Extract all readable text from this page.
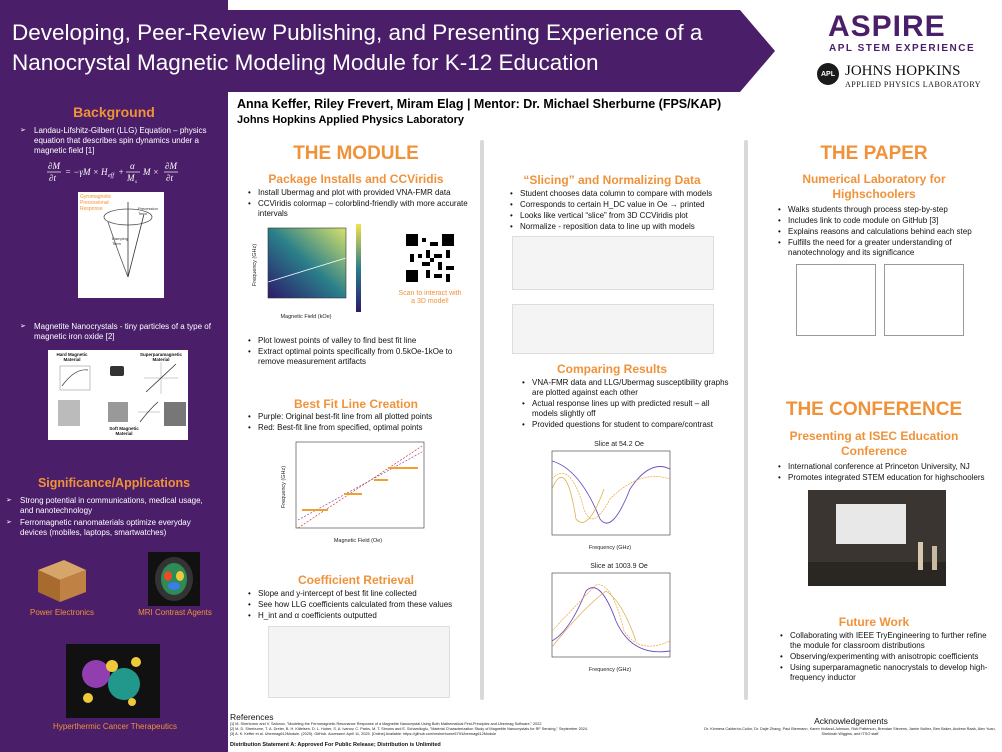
Developing, Peer-Review Publishing, and Presenting Experience of a
Nanocrystal Magnetic Modeling Module for K-12 Education
ASPIRE
APL STEM EXPERIENCE
APL JOHNS HOPKINS
APPLIED PHYSICS LABORATORY
Background
➢ Landau-Lifshitz-Gilbert (LLG) Equation – physics equation that describes spin dynamics under a magnetic field [1]
∂M
∂t
= −γM × H eff +
α
M s
M ×
∂M
∂t
Gyromagnetic Precessional Response	Precession Term
Damping Term
➢ Magnetite Nanocrystals - tiny particles of a type of magnetic iron oxide [2]
Hard Magnetic Material
Superparamagnetic Material
Soft Magnetic Material
Significance/Applications
➢ Strong potential in communications, medical usage, and nanotechnology
➢ Ferromagnetic nanomaterials optimize everyday devices (mobiles, laptops, smartwatches)
Power Electronics	MRI Contrast Agents
Hyperthermic Cancer Therapeutics
Anna Keffer, Riley Frevert, Miram Elag | Mentor: Dr. Michael Sherburne (FPS/KAP)
Johns Hopkins Applied Physics Laboratory
THE MODULE
Package Installs and CCViridis
• Install Ubermag and plot with provided VNA-FMR data
• CCViridis colormap – colorblind-friendly with more accurate intervals
Magnetic Field (kOe)
Frequency (GHz)
Scan to interact with a 3D model!
• Plot lowest points of valley to find best fit line
• Extract optimal points specifically from 0.5kOe-1kOe to remove measurement artifacts
Best Fit Line Creation
• Purple: Original best-fit line from all plotted points
• Red: Best-fit line from specified, optimal points
Magnetic Field (Oe)
Frequency (GHz)
Coefficient Retrieval
• Slope and y-intercept of best fit line collected
• See how LLG coefficients calculated from these values
• H_int and α coefficients outputted
“Slicing” and Normalizing Data
• Student chooses data column to compare with models
• Corresponds to certain H_DC value in Oe → printed
• Looks like vertical “slice” from 3D CCViridis plot
• Normalize - reposition data to line up with models
Comparing Results
• VNA-FMR data and LLG/Ubermag susceptibility graphs are plotted against each other
• Actual response lines up with predicted result – all models slightly off
• Provided questions for student to compare/contrast
Slice at 54.2 Oe
Frequency (GHz)
Slice at 1003.9 Oe
Frequency (GHz)
THE PAPER
Numerical Laboratory for Highschoolers
• Walks students through process step-by-step
• Includes link to code module on GitHub [3]
• Explains reasons and calculations behind each step
• Fulfills the need for a greater understanding of nanotechnology and its significance
THE CONFERENCE
Presenting at ISEC Education Conference
• International conference at Princeton University, NJ
• Promotes integrated STEM education for highschoolers
Future Work
• Collaborating with IEEE TryEngineering to further refine the module for classroom distributions
• Observing/experimenting with anisotropic coefficients
• Using superparamagnetic nanocrystals to develop high-frequency inductor
References
[1] M. Sherburne and V. Safonov, "Modeling the Ferromagnetic Resonance Response of a Magnetite Nanocrystal Using Both Mathematical First-Principles and Ubermag Software," 2022
[2] M. D. Sherburne, T. A. Dreier, B. H. Kittelsen, D. L. Huber, S. A. Ivanov, C. Parks, M. T. Simons and E. Schamiloglu, "Material Characterization Study of Magnetite Nanocrystals for RF Sensing," September 2024.
[3] A. K. Keffer et al. Ubermag612Module. (2025). GitHub. Accessed: April 11, 2025. [Online] Available: https://github.com/msherburne679/Ubermag612Module
Distribution Statement A: Approved For Public Release; Distribution is Unlimited
Acknowledgements
Dr. Kinmera Calderón-Colón, Dr. Dajie Zhang, Paul Biermann, Karen Holland-Johnson, Rob Patterson, Brendan Stevens, Jamie Nuñez, Ben Baker, Andrew Raab, Alex Yuan, Shekinah Wiggins, and ITSO staff
